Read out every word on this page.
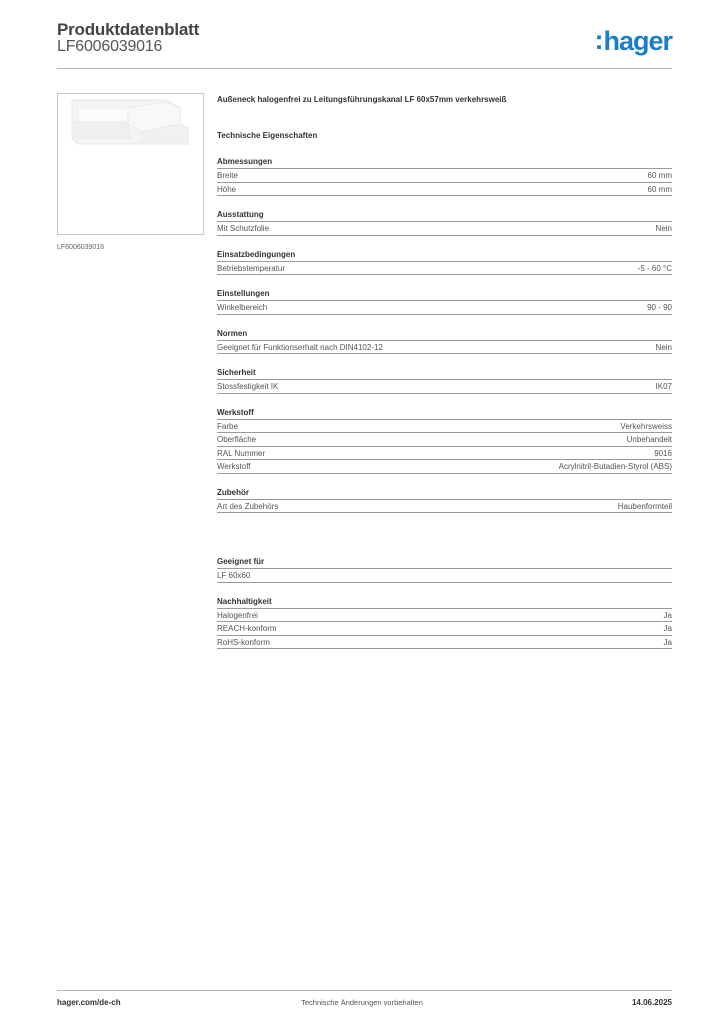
Produktdatenblatt
LF6006039016	:hager
LF6006039016
Außeneck halogenfrei zu Leitungsführungskanal LF 60x57mm verkehrsweiß
Technische Eigenschaften
Abmessungen
Breite	60 mm
Höhe	60 mm
Ausstattung
Mit Schutzfolie	Nein
Einsatzbedingungen
Betriebstemperatur	-5 - 60 °C
Einstellungen
Winkelbereich	90 - 90
Normen
Geeignet für Funktionserhalt nach DIN4102-12	Nein
Sicherheit
Stossfestigkeit IK	IK07
Werkstoff
Farbe	Verkehrsweiss
Oberfläche	Unbehandelt
RAL Nummer	9016
Werkstoff	Acrylnitril-Butadien-Styrol (ABS)
Zubehör
Art des Zubehörs	Haubenformteil
Geeignet für
LF 60x60
Nachhaltigkeit
Halogenfrei	Ja
REACH-konform	Ja
RoHS-konform	Ja
hager.com/de-ch	Technische Änderungen vorbehalten	14.06.2025
